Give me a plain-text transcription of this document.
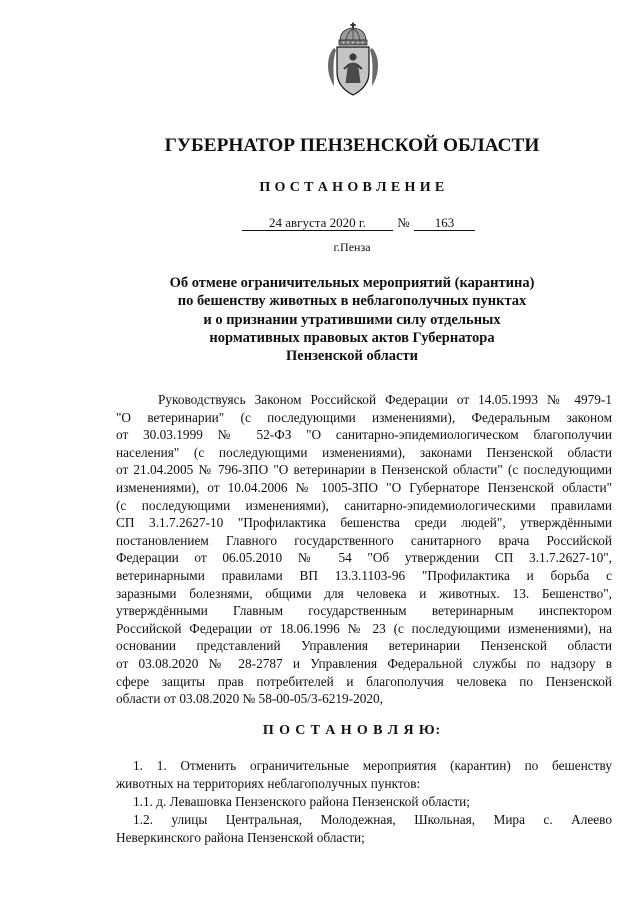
ГУБЕРНАТОР ПЕНЗЕНСКОЙ ОБЛАСТИ
П О С Т А Н О В Л Е Н И Е
24 августа 2020 г. № 163
г.Пенза
Об отмене ограничительных мероприятий (карантина)
по бешенству животных в неблагополучных пунктах
и о признании утратившими силу отдельных
нормативных правовых актов Губернатора
Пензенской области
Руководствуясь Законом Российской Федерации от 14.05.1993 № 4979-1
"О ветеринарии" (с последующими изменениями), Федеральным законом
от 30.03.1999 № 52-ФЗ "О санитарно-эпидемиологическом благополучии
населения" (с последующими изменениями), законами Пензенской области
от 21.04.2005 № 796-ЗПО "О ветеринарии в Пензенской области" (с последующими
изменениями), от 10.04.2006 № 1005-ЗПО "О Губернаторе Пензенской области"
(с последующими изменениями), санитарно-эпидемиологическими правилами
СП 3.1.7.2627-10 "Профилактика бешенства среди людей", утверждёнными
постановлением Главного государственного санитарного врача Российской
Федерации от 06.05.2010 № 54 "Об утверждении СП 3.1.7.2627-10",
ветеринарными правилами ВП 13.3.1103-96 "Профилактика и борьба с
заразными болезнями, общими для человека и животных. 13. Бешенство",
утверждёнными Главным государственным ветеринарным инспектором
Российской Федерации от 18.06.1996 № 23 (с последующими изменениями), на
основании представлений Управления ветеринарии Пензенской области
от 03.08.2020 № 28-2787 и Управления Федеральной службы по надзору в
сфере защиты прав потребителей и благополучия человека по Пензенской
области от 03.08.2020 № 58-00-05/3-6219-2020,
П О С Т А Н О В Л Я Ю:
1. 1. Отменить ограничительные мероприятия (карантин) по бешенству
животных на территориях неблагополучных пунктов:
1.1. д. Левашовка Пензенского района Пензенской области;
1.2. улицы Центральная, Молодежная, Школьная, Мира с. Алеево
Неверкинского района Пензенской области;
